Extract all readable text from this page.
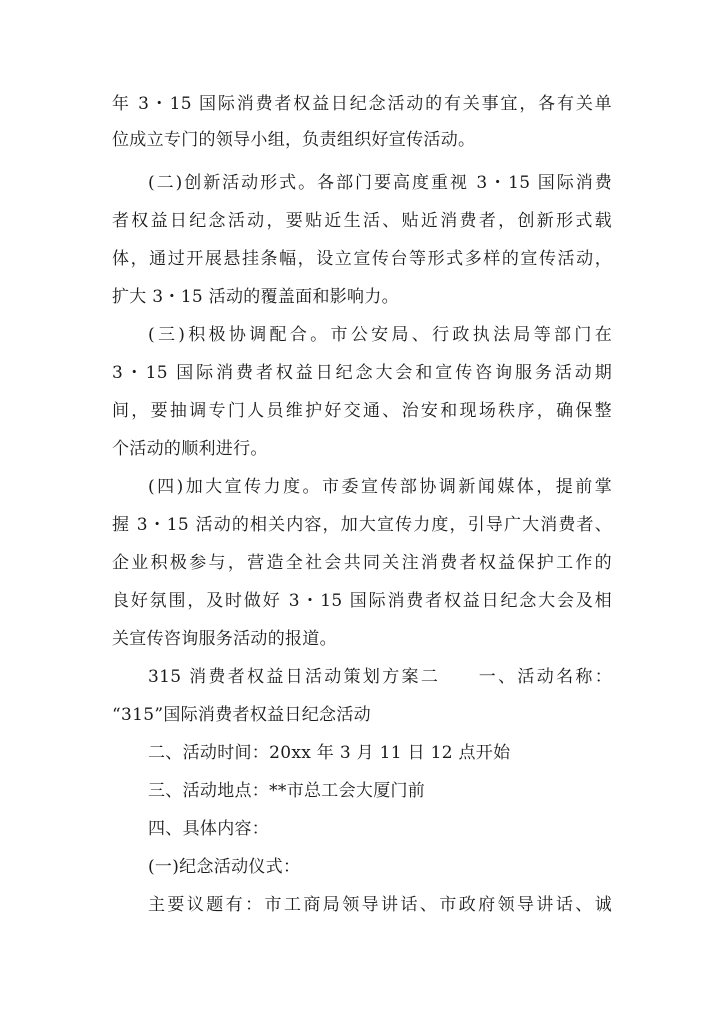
年 3・15 国际消费者权益日纪念活动的有关事宜，各有关单
位成立专门的领导小组，负责组织好宣传活动。
(二)创新活动形式。各部门要高度重视 3・15 国际消费
者权益日纪念活动，要贴近生活、贴近消费者，创新形式载
体，通过开展悬挂条幅，设立宣传台等形式多样的宣传活动，
扩大 3・15 活动的覆盖面和影响力。
(三)积极协调配合。市公安局、行政执法局等部门在
3・15 国际消费者权益日纪念大会和宣传咨询服务活动期
间，要抽调专门人员维护好交通、治安和现场秩序，确保整
个活动的顺利进行。
(四)加大宣传力度。市委宣传部协调新闻媒体，提前掌
握 3・15 活动的相关内容，加大宣传力度，引导广大消费者、
企业积极参与，营造全社会共同关注消费者权益保护工作的
良好氛围，及时做好 3・15 国际消费者权益日纪念大会及相
关宣传咨询服务活动的报道。
315 消费者权益日活动策划方案二　　一、活动名称：
“315”国际消费者权益日纪念活动
二、活动时间：20xx 年 3 月 11 日 12 点开始
三、活动地点：**市总工会大厦门前
四、具体内容：
(一)纪念活动仪式：
主要议题有：市工商局领导讲话、市政府领导讲话、诚
